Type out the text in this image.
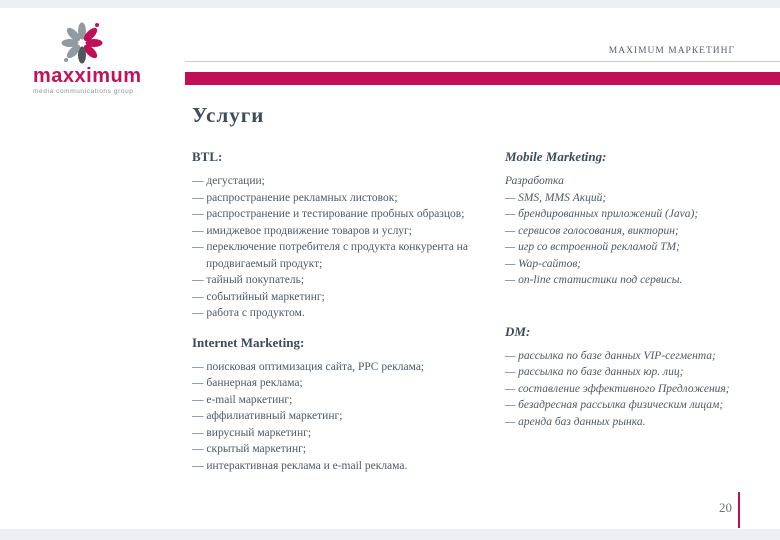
maxximum
media communications group
MAXIMUM МАРКЕТИНГ
Услуги
BTL:
— дегустации;
— распространение рекламных листовок;
— распространение и тестирование пробных образцов;
— имиджевое продвижение товаров и услуг;
— переключение потребителя с продукта конкурента на продвигаемый продукт;
— тайный покупатель;
— событийный маркетинг;
— работа с продуктом.
Internet Marketing:
— поисковая оптимизация сайта, PPC реклама;
— баннерная реклама;
— e-mail маркетинг;
— аффилиативный маркетинг;
— вирусный маркетинг;
— скрытый маркетинг;
— интерактивная реклама и e-mail реклама.
Mobile Marketing:
Разработка
— SMS, MMS Акций;
— брендированных приложений (Java);
— сервисов голосования, викторин;
— игр со встроенной рекламой ТМ;
— Wap-сайтов;
— on-line статистики под сервисы.
DM:
— рассылка по базе данных VIP-сегмента;
— рассылка по базе данных юр. лиц;
— составление эффективного Предложения;
— безадресная рассылка физическим лицам;
— аренда баз данных рынка.
20
